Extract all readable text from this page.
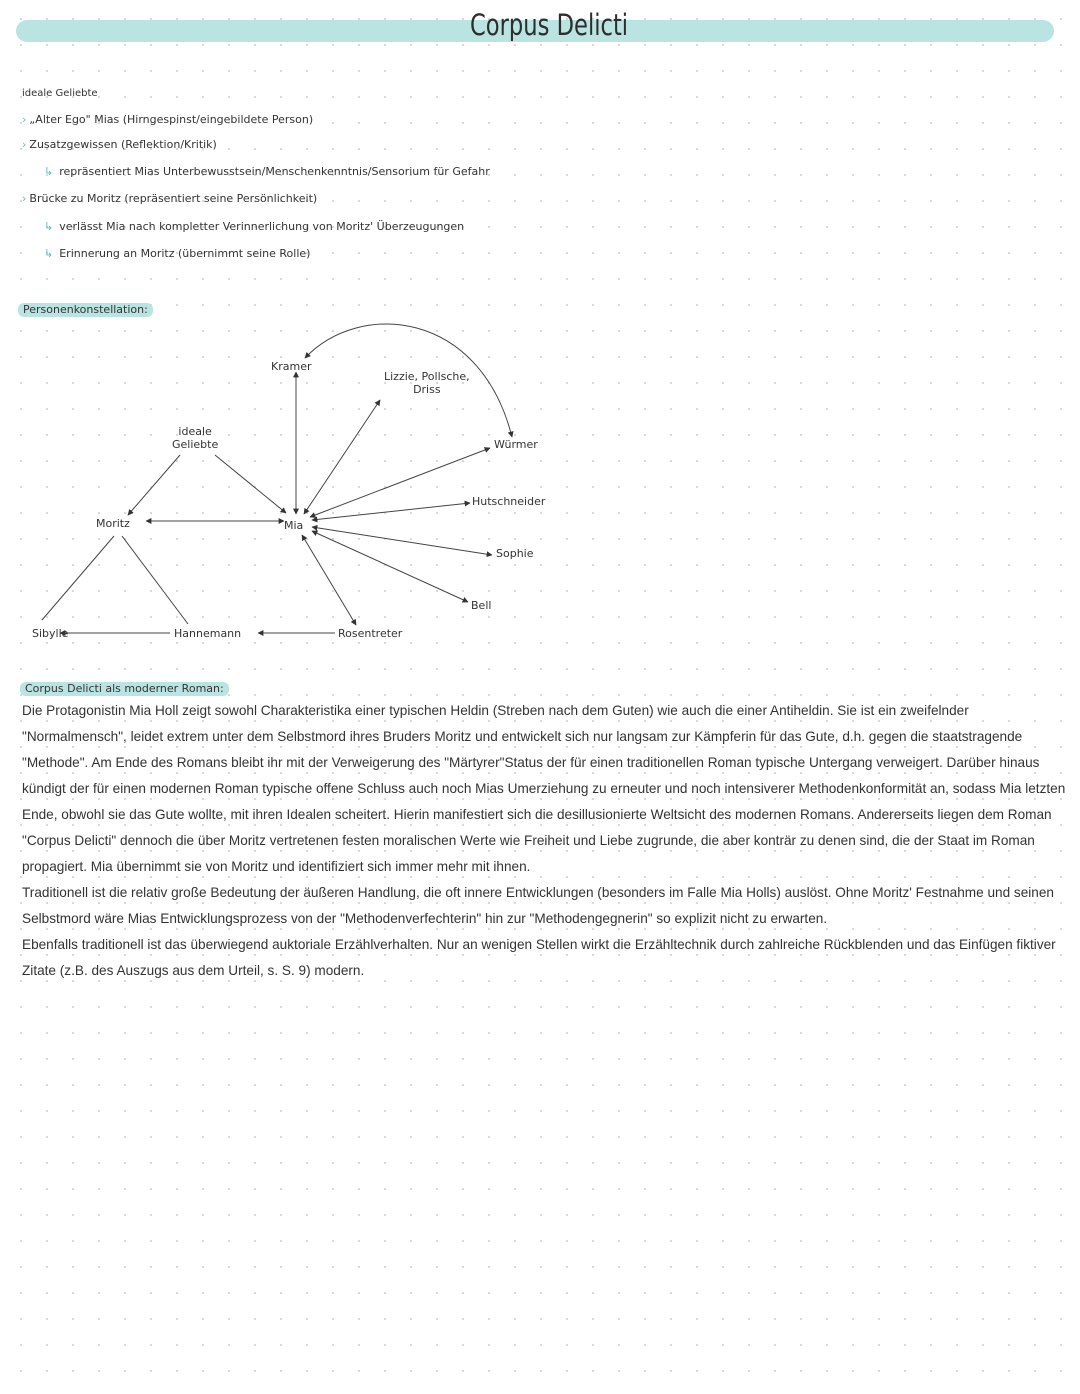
Corpus Delicti
ideale Geliebte
› „Alter Ego" Mias (Hirngespinst/eingebildete Person)
› Zusatzgewissen (Reflektion/Kritik)
↳ repräsentiert Mias Unterbewusstsein/Menschenkenntnis/Sensorium für Gefahr
› Brücke zu Moritz (repräsentiert seine Persönlichkeit)
↳ verlässt Mia nach kompletter Verinnerlichung von Moritz' Überzeugungen
↳ Erinnerung an Moritz (übernimmt seine Rolle)
Personenkonstellation:
Kramer
Lizzie, Pollsche,
Driss
ideale
Geliebte	Würmer
Hutschneider
Moritz	Mia
Sophie
Bell
Sibylle	Hannemann	Rosentreter
Corpus Delicti als moderner Roman:

Die Protagonistin Mia Holl zeigt sowohl Charakteristika einer typischen Heldin (Streben nach dem Guten) wie auch die einer Antiheldin. Sie ist ein zweifelnder "Normalmensch", leidet extrem unter dem Selbstmord ihres Bruders Moritz und entwickelt sich nur langsam zur Kämpferin für das Gute, d.h. gegen die staatstragende "Methode". Am Ende des Romans bleibt ihr mit der Verweigerung des "Märtyrer"Status der für einen traditionellen Roman typische Untergang verweigert. Darüber hinaus kündigt der für einen modernen Roman typische offene Schluss auch noch Mias Umerziehung zu erneuter und noch intensiverer Methodenkonformität an, sodass Mia letzten Ende, obwohl sie das Gute wollte, mit ihren Idealen scheitert. Hierin manifestiert sich die desillusionierte Weltsicht des modernen Romans. Andererseits liegen dem Roman "Corpus Delicti" dennoch die über Moritz vertretenen festen moralischen Werte wie Freiheit und Liebe zugrunde, die aber konträr zu denen sind, die der Staat im Roman propagiert. Mia übernimmt sie von Moritz und identifiziert sich immer mehr mit ihnen.

Traditionell ist die relativ große Bedeutung der äußeren Handlung, die oft innere Entwicklungen (besonders im Falle Mia Holls) auslöst. Ohne Moritz' Festnahme und seinen Selbstmord wäre Mias Entwicklungsprozess von der "Methodenverfechterin" hin zur "Methodengegnerin" so explizit nicht zu erwarten.

Ebenfalls traditionell ist das überwiegend auktoriale Erzählverhalten. Nur an wenigen Stellen wirkt die Erzähltechnik durch zahlreiche Rückblenden und das Einfügen fiktiver Zitate (z.B. des Auszugs aus dem Urteil, s. S. 9) modern.
